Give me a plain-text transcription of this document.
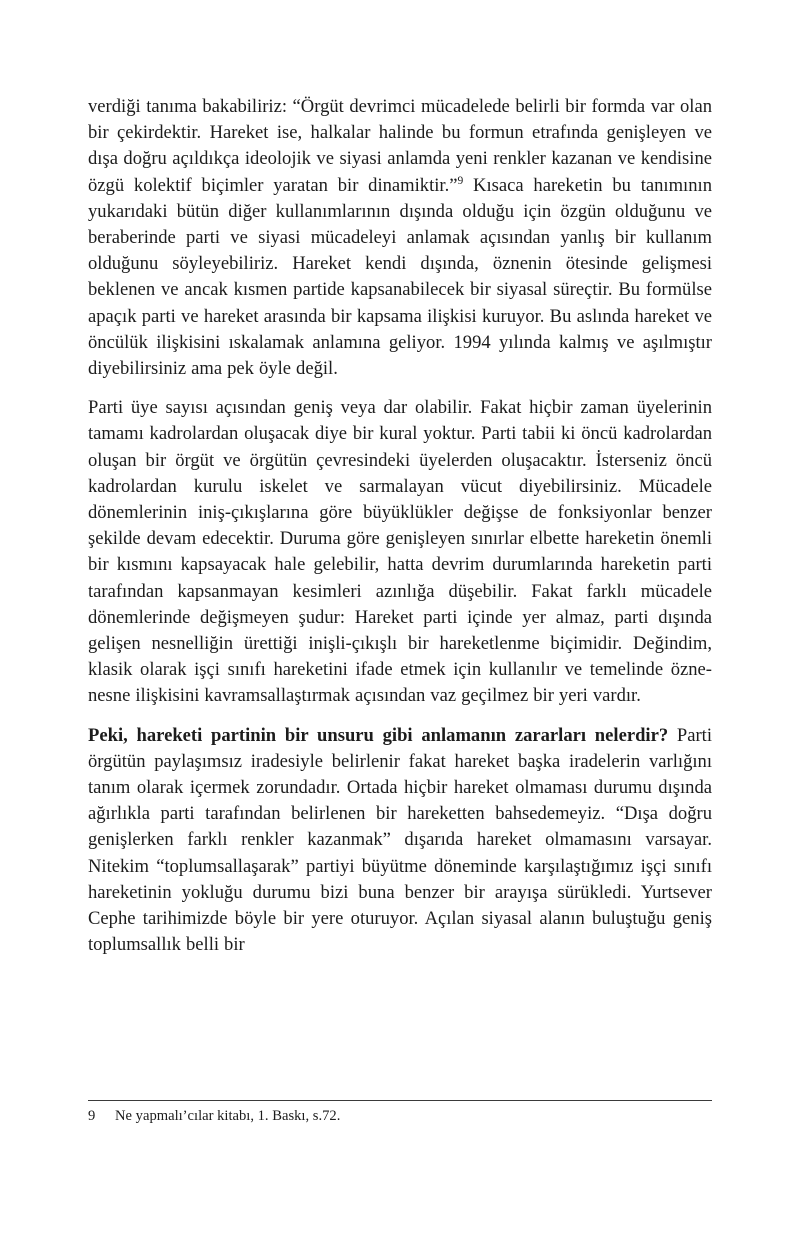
verdiği tanıma bakabiliriz: “Örgüt devrimci mücadelede belirli bir formda var olan bir çekirdektir. Hareket ise, halkalar halinde bu formun etrafında genişleyen ve dışa doğru açıldıkça ideolojik ve siyasi anlamda yeni renkler kazanan ve kendisine özgü kolektif biçimler yaratan bir dinamiktir.”$^9$ Kısaca hareketin bu tanımının yukarıdaki bütün diğer kullanımlarının dışında olduğu için özgün olduğunu ve beraberinde parti ve siyasi mücadeleyi anlamak açısından yanlış bir kullanım olduğunu söyleyebiliriz. Hareket kendi dışında, öznenin ötesinde gelişmesi beklenen ve ancak kısmen partide kapsanabilecek bir siyasal süreçtir. Bu formülse apaçık parti ve hareket arasında bir kapsama ilişkisi kuruyor. Bu aslında hareket ve öncülük ilişkisini ıskalamak anlamına geliyor. 1994 yılında kalmış ve aşılmıştır diyebilirsiniz ama pek öyle değil.

Parti üye sayısı açısından geniş veya dar olabilir. Fakat hiçbir zaman üyelerinin tamamı kadrolardan oluşacak diye bir kural yoktur. Parti tabii ki öncü kadrolardan oluşan bir örgüt ve örgütün çevresindeki üyelerden oluşacaktır. İsterseniz öncü kadrolardan kurulu iskelet ve sarmalayan vücut diyebilirsiniz. Mücadele dönemlerinin iniş-çıkışlarına göre büyüklükler değişse de fonksiyonlar benzer şekilde devam edecektir. Duruma göre genişleyen sınırlar elbette hareketin önemli bir kısmını kapsayacak hale gelebilir, hatta devrim durumlarında hareketin parti tarafından kapsanmayan kesimleri azınlığa düşebilir. Fakat farklı mücadele dönemlerinde değişmeyen şudur: Hareket parti içinde yer almaz, parti dışında gelişen nesnelliğin ürettiği inişli-çıkışlı bir hareketlenme biçimidir. Değindim, klasik olarak işçi sınıfı hareketini ifade etmek için kullanılır ve temelinde özne-nesne ilişkisini kavramsallaştırmak açısından vaz geçilmez bir yeri vardır.

Peki, hareketi partinin bir unsuru gibi anlamanın zararları nelerdir? Parti örgütün paylaşımsız iradesiyle belirlenir fakat hareket başka iradelerin varlığını tanım olarak içermek zorundadır. Ortada hiçbir hareket olmaması durumu dışında ağırlıkla parti tarafından belirlenen bir hareketten bahsedemeyiz. “Dışa doğru genişlerken farklı renkler kazanmak” dışarıda hareket olmamasını varsayar. Nitekim “toplumsallaşarak” partiyi büyütme döneminde karşılaştığımız işçi sınıfı hareketinin yokluğu durumu bizi buna benzer bir arayışa sürükledi. Yurtsever Cephe tarihimizde böyle bir yere oturuyor. Açılan siyasal alanın buluştuğu geniş toplumsallık belli bir

9 Ne yapmalı’cılar kitabı, 1. Baskı, s.72.
